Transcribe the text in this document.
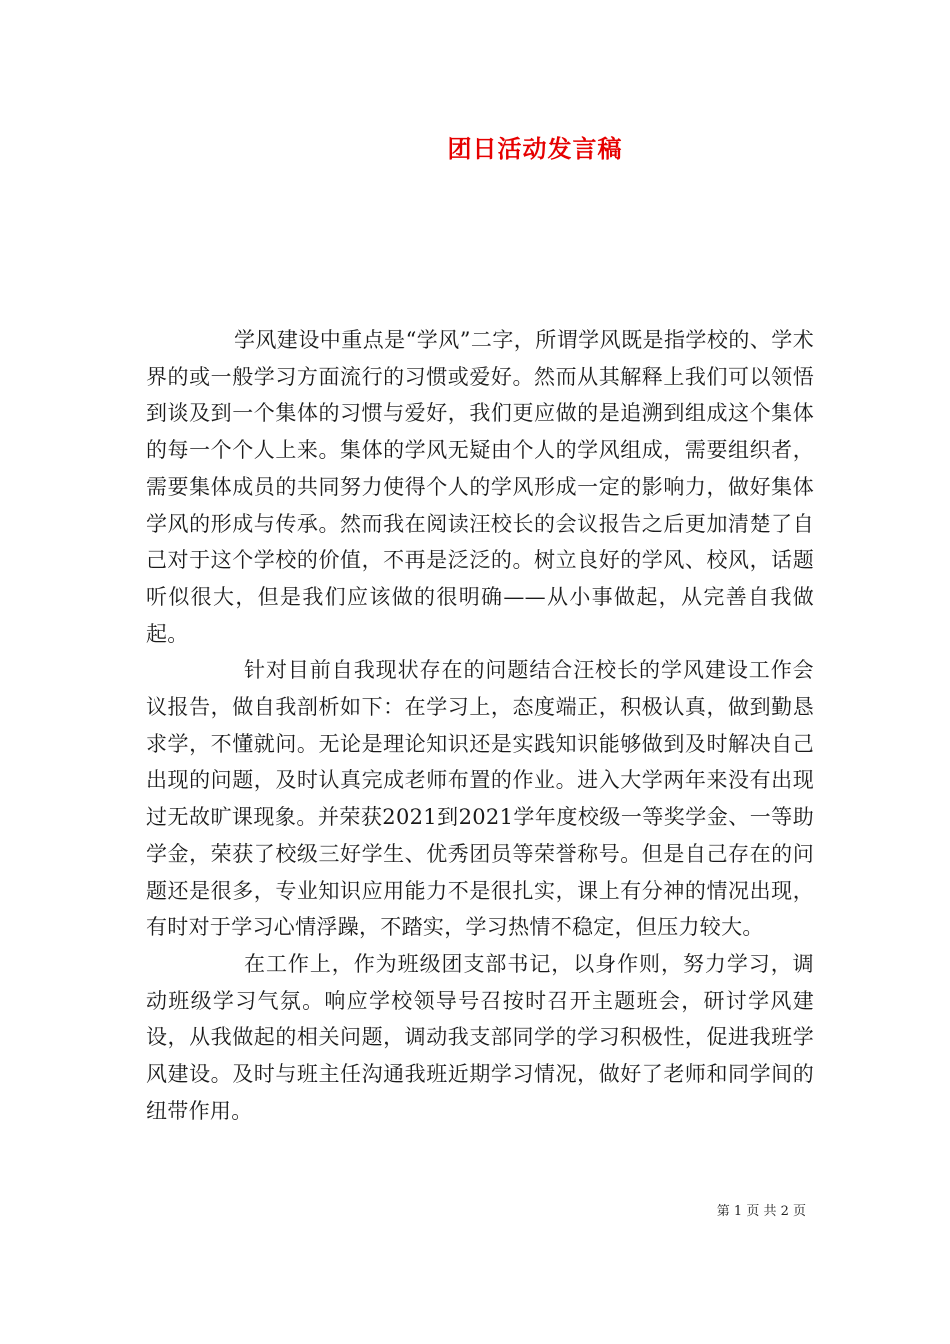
团日活动发言稿

学风建设中重点是“学风”二字，所谓学风既是指学校的、学术界的或一般学习方面流行的习惯或爱好。然而从其解释上我们可以领悟到谈及到一个集体的习惯与爱好，我们更应做的是追溯到组成这个集体的每一个个人上来。集体的学风无疑由个人的学风组成，需要组织者，需要集体成员的共同努力使得个人的学风形成一定的影响力，做好集体学风的形成与传承。然而我在阅读汪校长的会议报告之后更加清楚了自己对于这个学校的价值，不再是泛泛的。树立良好的学风、校风，话题听似很大，但是我们应该做的很明确——从小事做起，从完善自我做起。

针对目前自我现状存在的问题结合汪校长的学风建设工作会议报告，做自我剖析如下：在学习上，态度端正，积极认真，做到勤恳求学，不懂就问。无论是理论知识还是实践知识能够做到及时解决自己出现的问题，及时认真完成老师布置的作业。进入大学两年来没有出现过无故旷课现象。并荣获2021到2021学年度校级一等奖学金、一等助学金，荣获了校级三好学生、优秀团员等荣誉称号。但是自己存在的问题还是很多，专业知识应用能力不是很扎实，课上有分神的情况出现，有时对于学习心情浮躁，不踏实，学习热情不稳定，但压力较大。

在工作上，作为班级团支部书记，以身作则，努力学习，调动班级学习气氛。响应学校领导号召按时召开主题班会，研讨学风建设，从我做起的相关问题，调动我支部同学的学习积极性，促进我班学风建设。及时与班主任沟通我班近期学习情况，做好了老师和同学间的纽带作用。

第 1 页 共 2 页
